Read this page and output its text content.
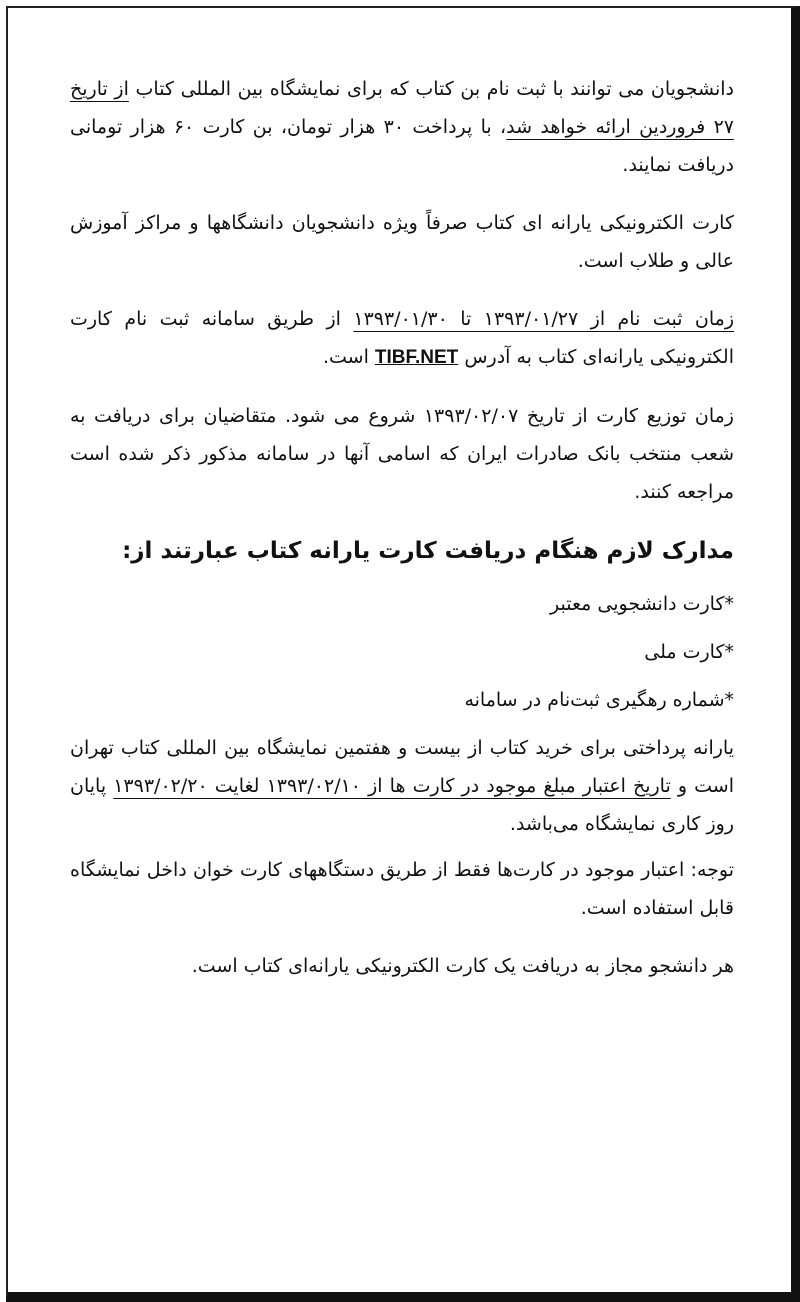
دانشجویان می توانند با ثبت نام بن کتاب که برای نمایشگاه بین المللی کتاب از تاریخ ۲۷ فروردین ارائه خواهد شد، با پرداخت ۳۰ هزار تومان، بن کارت ۶۰ هزار تومانی دریافت نمایند.

کارت الکترونیکی یارانه ای کتاب صرفاً ویژه دانشجویان دانشگاهها و مراکز آموزش عالی و طلاب است.

زمان ثبت نام از ۱۳۹۳/۰۱/۲۷ تا ۱۳۹۳/۰۱/۳۰ از طریق سامانه ثبت نام کارت الکترونیکی یارانه‌ای کتاب به آدرس TIBF.NET است.

زمان توزیع کارت از تاریخ ۱۳۹۳/۰۲/۰۷ شروع می شود. متقاضیان برای دریافت به شعب منتخب بانک صادرات ایران که اسامی آنها در سامانه مذکور ذکر شده است مراجعه کنند.

مدارک لازم هنگام دریافت کارت یارانه کتاب عبارتند از:

*کارت دانشجویی معتبر

*کارت ملی

*شماره رهگیری ثبت‌نام در سامانه

یارانه پرداختی برای خرید کتاب از بیست و هفتمین نمایشگاه بین المللی کتاب تهران است و تاریخ اعتبار مبلغ موجود در کارت ها از ۱۳۹۳/۰۲/۱۰ لغایت ۱۳۹۳/۰۲/۲۰ پایان روز کاری نمایشگاه می‌باشد.

توجه: اعتبار موجود در کارت‌ها فقط از طریق دستگاههای کارت خوان داخل نمایشگاه قابل استفاده است.

هر دانشجو مجاز به دریافت یک کارت الکترونیکی یارانه‌ای کتاب است.
